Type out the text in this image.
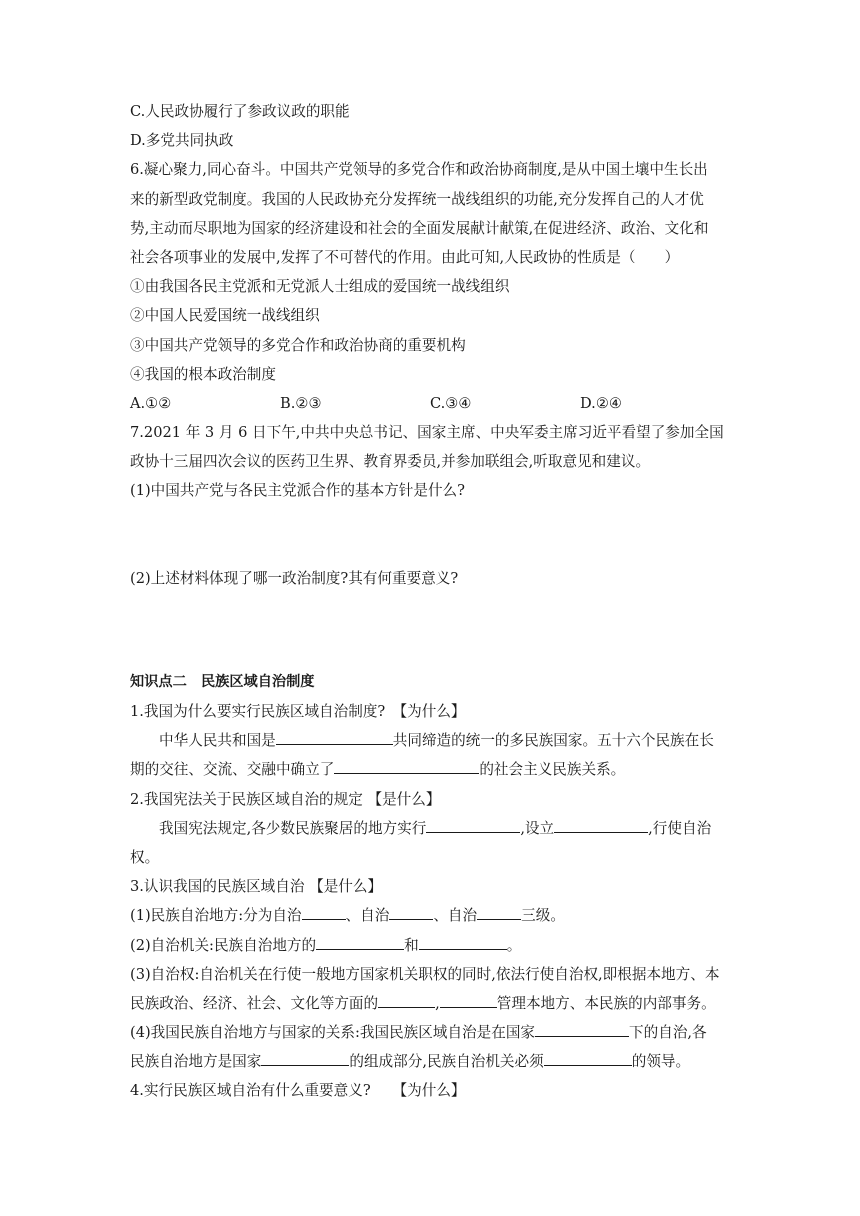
C.人民政协履行了参政议政的职能
D.多党共同执政
6.凝心聚力,同心奋斗。中国共产党领导的多党合作和政治协商制度,是从中国土壤中生长出
来的新型政党制度。我国的人民政协充分发挥统一战线组织的功能,充分发挥自己的人才优
势,主动而尽职地为国家的经济建设和社会的全面发展献计献策,在促进经济、政治、文化和
社会各项事业的发展中,发挥了不可替代的作用。由此可知,人民政协的性质是（　　）
①由我国各民主党派和无党派人士组成的爱国统一战线组织
②中国人民爱国统一战线组织
③中国共产党领导的多党合作和政治协商的重要机构
④我国的根本政治制度
A.①②	B.②③	C.③④	D.②④
7.2021 年 3 月 6 日下午,中共中央总书记、国家主席、中央军委主席习近平看望了参加全国
政协十三届四次会议的医药卫生界、教育界委员,并参加联组会,听取意见和建议。
(1)中国共产党与各民主党派合作的基本方针是什么?
(2)上述材料体现了哪一政治制度?其有何重要意义?
知识点二　民族区域自治制度
1.我国为什么要实行民族区域自治制度?　【为什么】
中华人民共和国是	共同缔造的统一的多民族国家。五十六个民族在长
期的交往、交流、交融中确立了	的社会主义民族关系。
2.我国宪法关于民族区域自治的规定 【是什么】
我国宪法规定,各少数民族聚居的地方实行	,设立	,行使自治
权。
3.认识我国的民族区域自治 【是什么】
(1)民族自治地方:分为自治	、自治	、自治	三级。
(2)自治机关:民族自治地方的	和	。
(3)自治权:自治机关在行使一般地方国家机关职权的同时,依法行使自治权,即根据本地方、本
民族政治、经济、社会、文化等方面的	,	管理本地方、本民族的内部事务。
(4)我国民族自治地方与国家的关系:我国民族区域自治是在国家	下的自治,各
民族自治地方是国家	的组成部分,民族自治机关必须	的领导。
4.实行民族区域自治有什么重要意义?　　【为什么】
